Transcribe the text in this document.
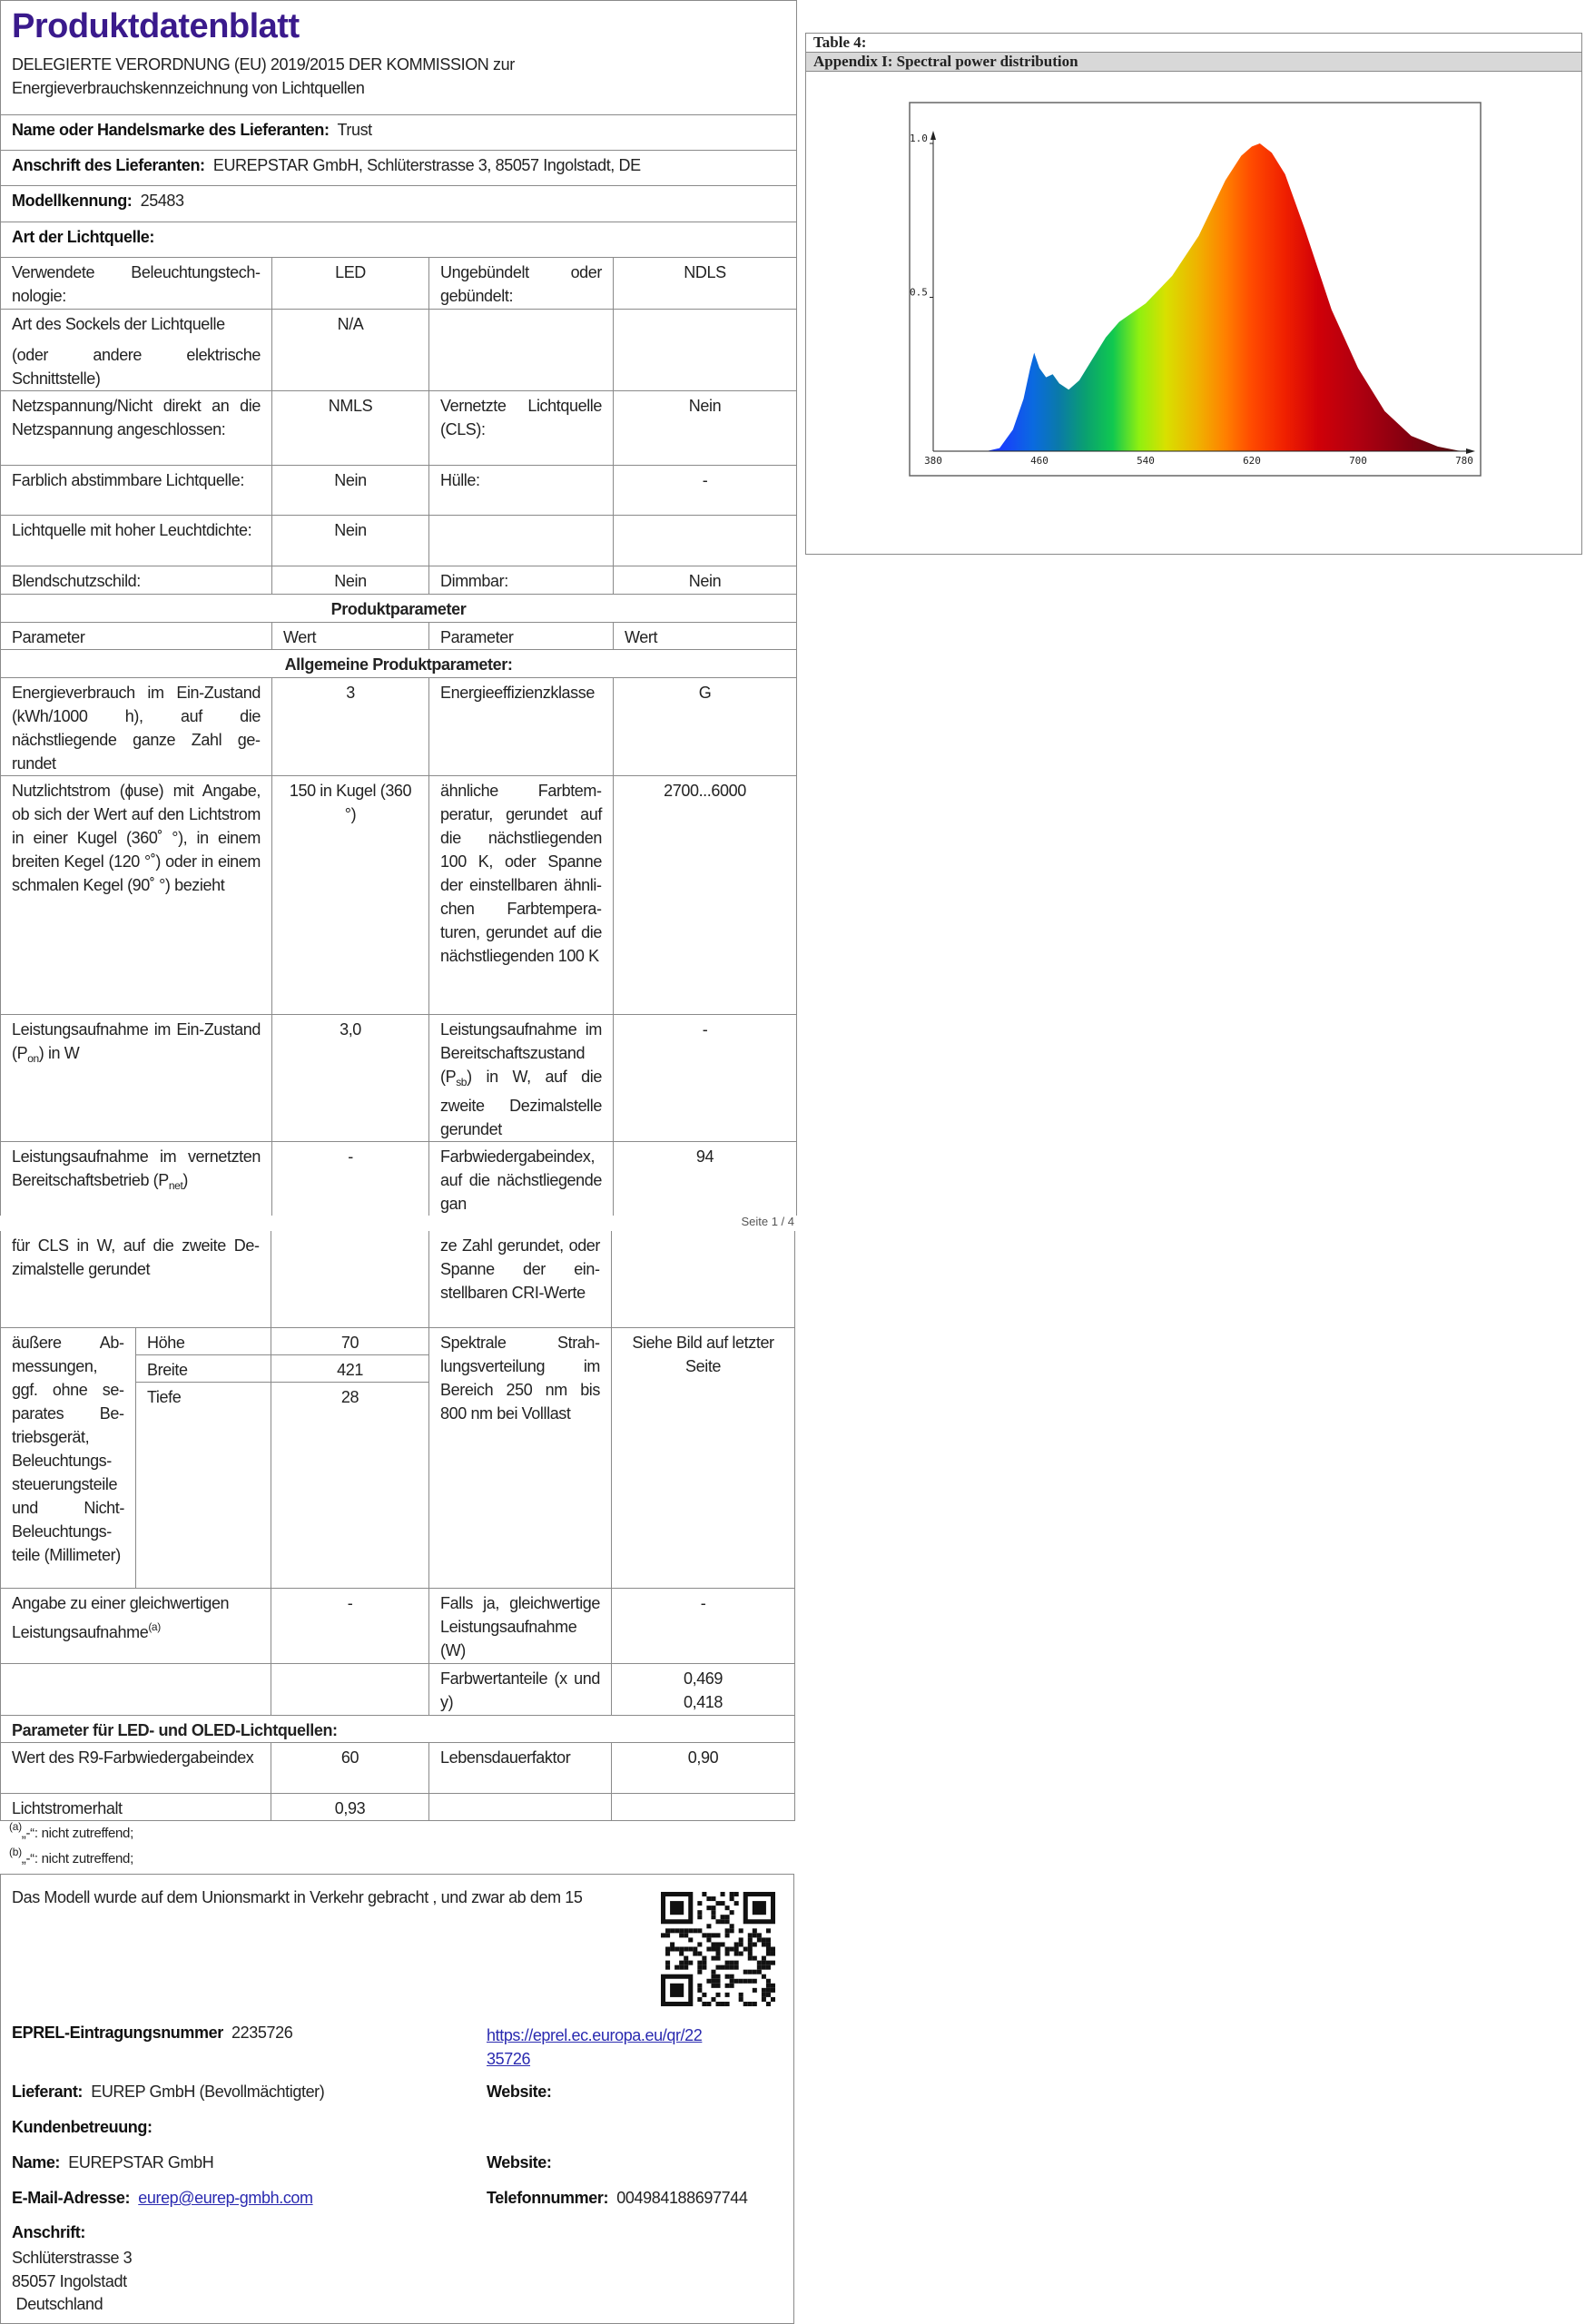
Produktdatenblatt
DELEGIERTE VERORDNUNG (EU) 2019/2015 DER KOMMISSION zur Energieverbrauchskennzeichnung von Lichtquellen			

Name oder Handelsmarke des Lieferanten: Trust			
Anschrift des Lieferanten: EUREPSTAR GmbH, Schlüterstrasse 3, 85057 Ingolstadt, DE			
Modellkennung: 25483			
Art der Lichtquelle:			
Verwendete Beleuchtungstechnologie:	LED	Ungebündelt oder gebündelt:	NDLS

Art des Sockels der Lichtquelle
(oder andere elektrische Schnittstelle)	N/A		
Netzspannung/Nicht direkt an die Netzspannung angeschlossen:	NMLS	Vernetzte Lichtquelle (CLS):	Nein
Farblich abstimmbare Lichtquelle:	Nein	Hülle:	-
Lichtquelle mit hoher Leuchtdichte:	Nein		
Blendschutzschild:	Nein	Dimmbar:	Nein
Produktparameter			
Parameter	Wert	Parameter	Wert
Allgemeine Produktparameter:			
Energieverbrauch im Ein-Zustand (kWh/1000 h), auf die nächstliegende ganze Zahl gerundet	3	Energieeffizienzklasse	G
Nutzlichtstrom (ɸuse) mit Angabe, ob sich der Wert auf den Lichtstrom in einer Kugel (360˚ °), in einem breiten Kegel (120 °˚) oder in einem schmalen Kegel (90˚ °) bezieht	150 in Kugel (360 °)	ähnliche Farbtemperatur, gerundet auf die nächstliegenden 100 K, oder Spanne der einstellbaren ähnlichen Farbtemperaturen, gerundet auf die nächstliegenden 100 K	2700...6000
Leistungsaufnahme im Ein-Zustand $(P_{on})$ in W	3,0	Leistungsaufnahme im Bereitschaftszustand $(P_{sb})$ in W, auf die zweite Dezimalstelle gerundet	-
Leistungsaufnahme im vernetzten Bereitschaftsbetrieb $(P_{net})$	-	Farbwiedergabeindex, auf die nächstliegende gan	94
Seite 1 / 4
für CLS in W, auf die zweite Dezimalstelle gerundet			ze Zahl gerundet, oder Spanne der einstellbaren CRI-Werte	
äußere Abmessungen, ggf. ohne separates Betriebsgerät, Beleuchtungssteuerungsteile und Nicht-Beleuchtungsteile (Millimeter)	Höhe	70	Spektrale Strahlungsverteilung im Bereich 250 nm bis 800 nm bei Volllast	Siehe Bild auf letzter Seite
	Breite	421		
	Tiefe	28		
Angabe zu einer gleichwertigen Leistungsaufnahme$^{(a)}$		-	Falls ja, gleichwertige Leistungsaufnahme (W)	-
			Farbwertanteile (x und y)	0,469
0,418

Parameter für LED- und OLED-Lichtquellen:				
Wert des R9-Farbwiedergabeindex		60	Lebensdauerfaktor	0,90
Lichtstromerhalt		0,93		
$^{(a)}$„-“: nicht zutreffend;
$^{(b)}$„-“: nicht zutreffend;
Das Modell wurde auf dem Unionsmarkt in Verkehr gebracht , und zwar ab dem 15
EPREL-Eintragungsnummer 2235726	https://eprel.ec.europa.eu/qr/22
35726
Lieferant: EUREP GmbH (Bevollmächtigter)	Website:
Kundenbetreuung:
Name: EUREPSTAR GmbH	Website:
E-Mail-Adresse: eurep@eurep-gmbh.com	Telefonnummer: 004984188697744
Anschrift:
Schlüterstrasse 3
85057 Ingolstadt
Deutschland
Table 4:
Appendix I: Spectral power distribution
380	460	540	620	700	780
0.5
1.0
